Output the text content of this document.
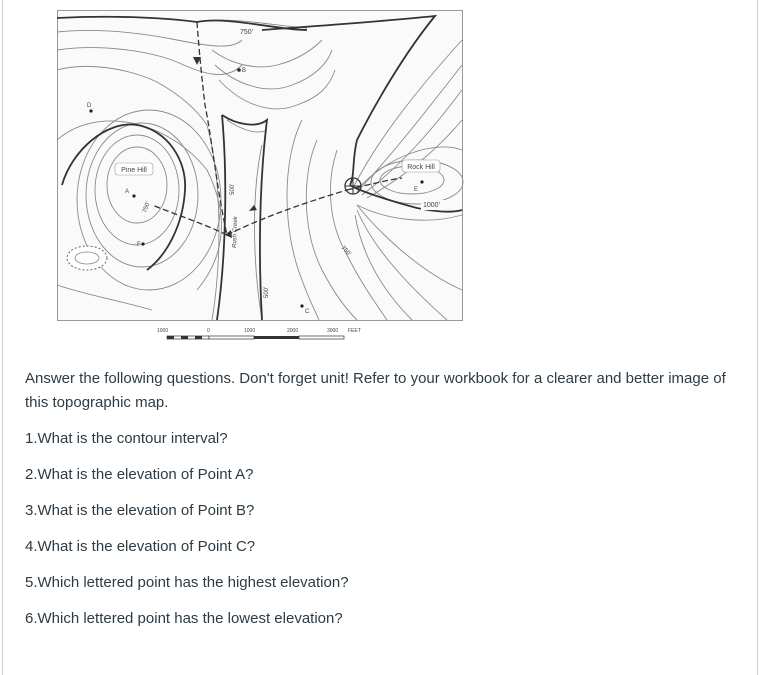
Pine Hill	Rock Hill
750'
1000'
750'
750'
500'
500'
Rush Creek
A
B
C
D
E
F
1000	0	1000	2000	3000 FEET

Answer the following questions. Don't forget unit! Refer to your workbook for a clearer and better image of this topographic map.

1.What is the contour interval?

2.What is the elevation of Point A?

3.What is the elevation of Point B?

4.What is the elevation of Point C?

5.Which lettered point has the highest elevation?

6.Which lettered point has the lowest elevation?
